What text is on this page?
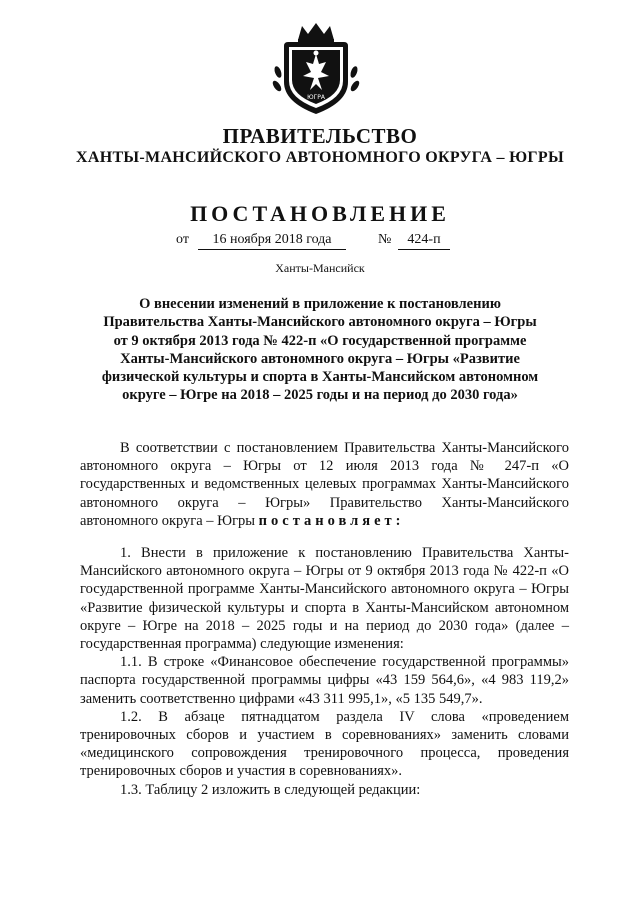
ЮГРА
ПРАВИТЕЛЬСТВО
ХАНТЫ-МАНСИЙСКОГО АВТОНОМНОГО ОКРУГА – ЮГРЫ
ПОСТАНОВЛЕНИЕ
от	16 ноября 2018 года	№	424-п
Ханты-Мансийск
О внесении изменений в приложение к постановлению Правительства Ханты-Мансийского автономного округа – Югры от 9 октября 2013 года № 422-п «О государственной программе Ханты-Мансийского автономного округа – Югры «Развитие физической культуры и спорта в Ханты-Мансийском автономном округе – Югре на 2018 – 2025 годы и на период до 2030 года»

В соответствии с постановлением Правительства Ханты-Мансийского автономного округа – Югры от 12 июля 2013 года № 247-п «О государственных и ведомственных целевых программах Ханты-Мансийского автономного округа – Югры» Правительство Ханты-Мансийского автономного округа – Югры постановляет:

1. Внести в приложение к постановлению Правительства Ханты-Мансийского автономного округа – Югры от 9 октября 2013 года № 422-п «О государственной программе Ханты-Мансийского автономного округа – Югры «Развитие физической культуры и спорта в Ханты-Мансийском автономном округе – Югре на 2018 – 2025 годы и на период до 2030 года» (далее – государственная программа) следующие изменения:

1.1. В строке «Финансовое обеспечение государственной программы» паспорта государственной программы цифры «43 159 564,6», «4 983 119,2» заменить соответственно цифрами «43 311 995,1», «5 135 549,7».

1.2. В абзаце пятнадцатом раздела IV слова «проведением тренировочных сборов и участием в соревнованиях» заменить словами «медицинского сопровождения тренировочного процесса, проведения тренировочных сборов и участия в соревнованиях».

1.3. Таблицу 2 изложить в следующей редакции:
